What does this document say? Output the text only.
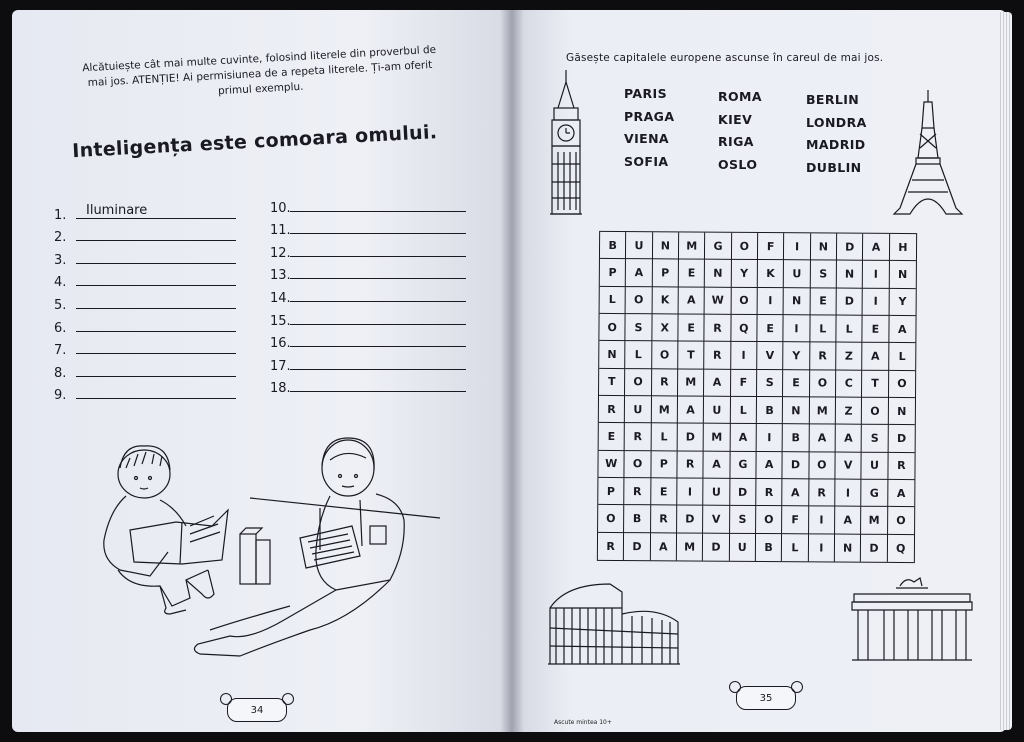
Alcătuiește cât mai multe cuvinte, folosind literele din proverbul de mai jos. ATENȚIE! Ai permisiunea de a repeta literele. Ți-am oferit primul exemplu.
Inteligența este comoara omului.
1.	Iluminare
2.
3.
4.
5.
6.
7.
8.
9.
10.
11.
12.
13.
14.
15.
16.
17.
18.
34
Găsește capitalele europene ascunse în careul de mai jos.
PARIS
PRAGA
VIENA
SOFIA
ROMA
KIEV
RIGA
OSLO
BERLIN
LONDRA
MADRID
DUBLIN
B	U	N	M	G	O	F	I	N	D	A	H
P	A	P	E	N	Y	K	U	S	N	I	N
L	O	K	A	W	O	I	N	E	D	I	Y
O	S	X	E	R	Q	E	I	L	L	E	A
N	L	O	T	R	I	V	Y	R	Z	A	L
T	O	R	M	A	F	S	E	O	C	T	O
R	U	M	A	U	L	B	N	M	Z	O	N
E	R	L	D	M	A	I	B	A	A	S	D
W	O	P	R	A	G	A	D	O	V	U	R
P	R	E	I	U	D	R	A	R	I	G	A
O	B	R	D	V	S	O	F	I	A	M	O
R	D	A	M	D	U	B	L	I	N	D	Q
35
Ascute mintea 10+
